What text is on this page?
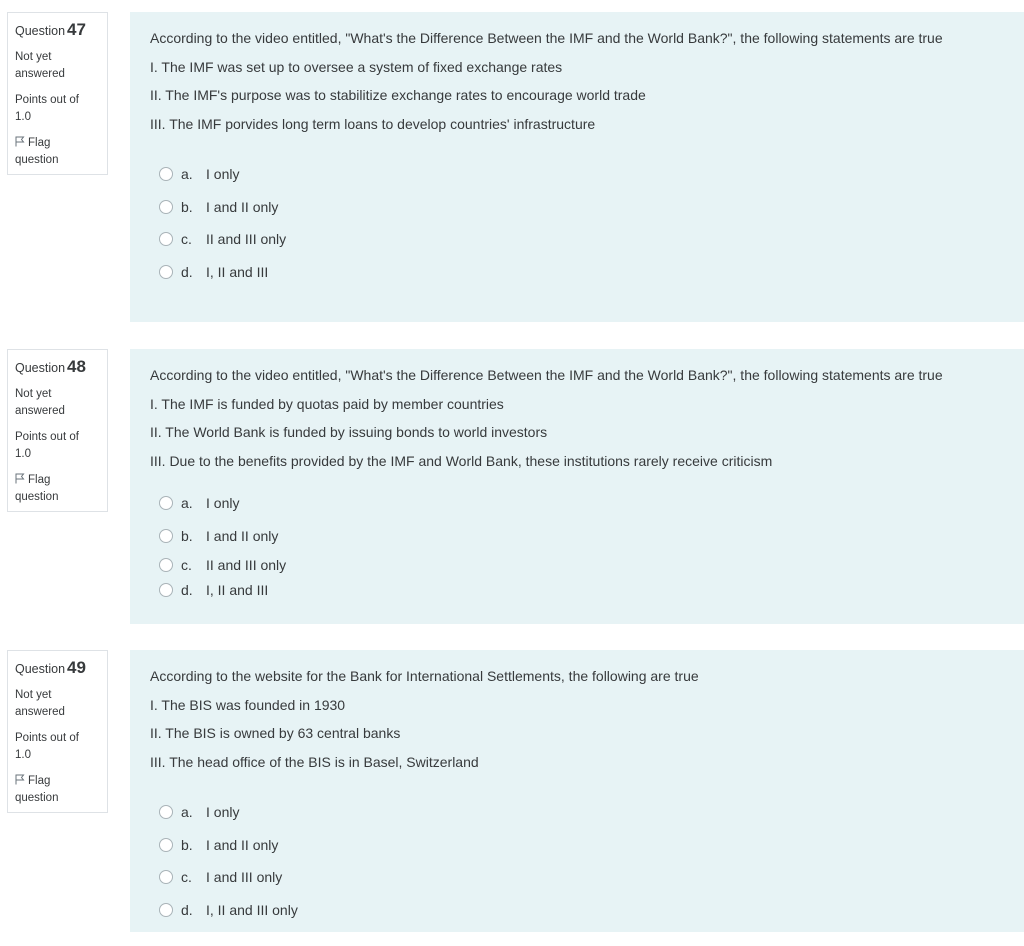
Question 47
Not yet answered
Points out of 1.0
Flag question

According to the video entitled, "What's the Difference Between the IMF and the World Bank?", the following statements are true

I. The IMF was set up to oversee a system of fixed exchange rates

II. The IMF's purpose was to stabilitize exchange rates to encourage world trade

III. The IMF porvides long term loans to develop countries' infrastructure

a. I only
b. I and II only
c.	II and III only
d. I, II and III
Question 48
Not yet answered
Points out of 1.0
Flag question

According to the video entitled, "What's the Difference Between the IMF and the World Bank?", the following statements are true

I. The IMF is funded by quotas paid by member countries

II. The World Bank is funded by issuing bonds to world investors

III. Due to the benefits provided by the IMF and World Bank, these institutions rarely receive criticism

a. I only
b. I and II only
c.	II and III only
d. I, II and III
Question 49
Not yet answered
Points out of 1.0
Flag question

According to the website for the Bank for International Settlements, the following are true

I. The BIS was founded in 1930

II. The BIS is owned by 63 central banks

III. The head office of the BIS is in Basel, Switzerland

a. I only
b. I and II only
c.	I and III only
d. I, II and III only
